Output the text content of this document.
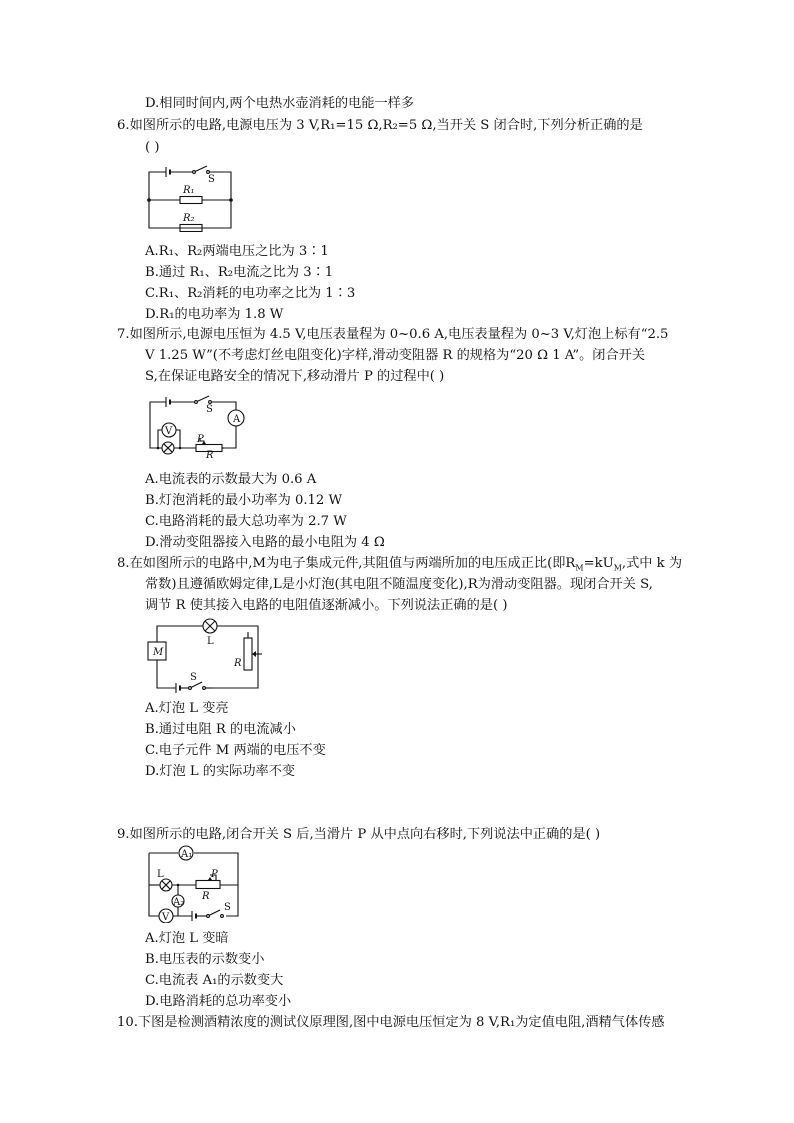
D.相同时间内,两个电热水壶消耗的电能一样多
6.如图所示的电路,电源电压为 3 V,R₁=15 Ω,R₂=5 Ω,当开关 S 闭合时,下列分析正确的是
( )
R₁
R₂
S
A.R₁、R₂两端电压之比为 3∶1
B.通过 R₁、R₂电流之比为 3∶1
C.R₁、R₂消耗的电功率之比为 1∶3
D.R₁的电功率为 1.8 W
7.如图所示,电源电压恒为 4.5 V,电压表量程为 0~0.6 A,电压表量程为 0~3 V,灯泡上标有“2.5
V 1.25 W”(不考虑灯丝电阻变化)字样,滑动变阻器 R 的规格为“20 Ω 1 A”。闭合开关
S,在保证电路安全的情况下,移动滑片 P 的过程中( )
A
V
S
P
R
A.电流表的示数最大为 0.6 A
B.灯泡消耗的最小功率为 0.12 W
C.电路消耗的最大总功率为 2.7 W
D.滑动变阻器接入电路的最小电阻为 4 Ω
8.在如图所示的电路中,M为电子集成元件,其阻值与两端所加的电压成正比(即$R_M=kU_M$,式中 k 为
常数)且遵循欧姆定律,L是小灯泡(其电阻不随温度变化),R为滑动变阻器。现闭合开关 S,
调节 R 使其接入电路的电阻值逐渐减小。下列说法正确的是( )
M
L
R
S
A.灯泡 L 变亮
B.通过电阻 R 的电流减小
C.电子元件 M 两端的电压不变
D.灯泡 L 的实际功率不变
9.如图所示的电路,闭合开关 S 后,当滑片 P 从中点向右移时,下列说法中正确的是( )
A₁
L	P
R
A₂
V
S
A.灯泡 L 变暗
B.电压表的示数变小
C.电流表 A₁的示数变大
D.电路消耗的总功率变小
10.下图是检测酒精浓度的测试仪原理图,图中电源电压恒定为 8 V,R₁为定值电阻,酒精气体传感
